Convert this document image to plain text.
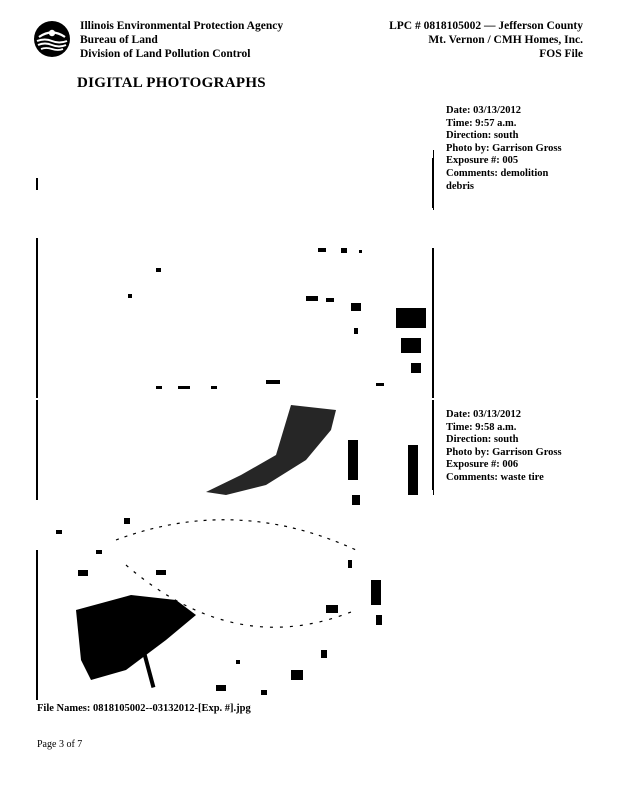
Illinois Environmental Protection Agency
Bureau of Land
Division of Land Pollution Control
LPC # 0818105002 — Jefferson County
Mt. Vernon / CMH Homes, Inc.
FOS File
DIGITAL PHOTOGRAPHS
Date: 03/13/2012
Time: 9:57 a.m.
Direction: south
Photo by: Garrison Gross
Exposure #: 005
Comments: demolition
debris
Date: 03/13/2012
Time: 9:58 a.m.
Direction: south
Photo by: Garrison Gross
Exposure #: 006
Comments: waste tire
File Names: 0818105002--03132012-[Exp. #].jpg
Page 3 of 7
